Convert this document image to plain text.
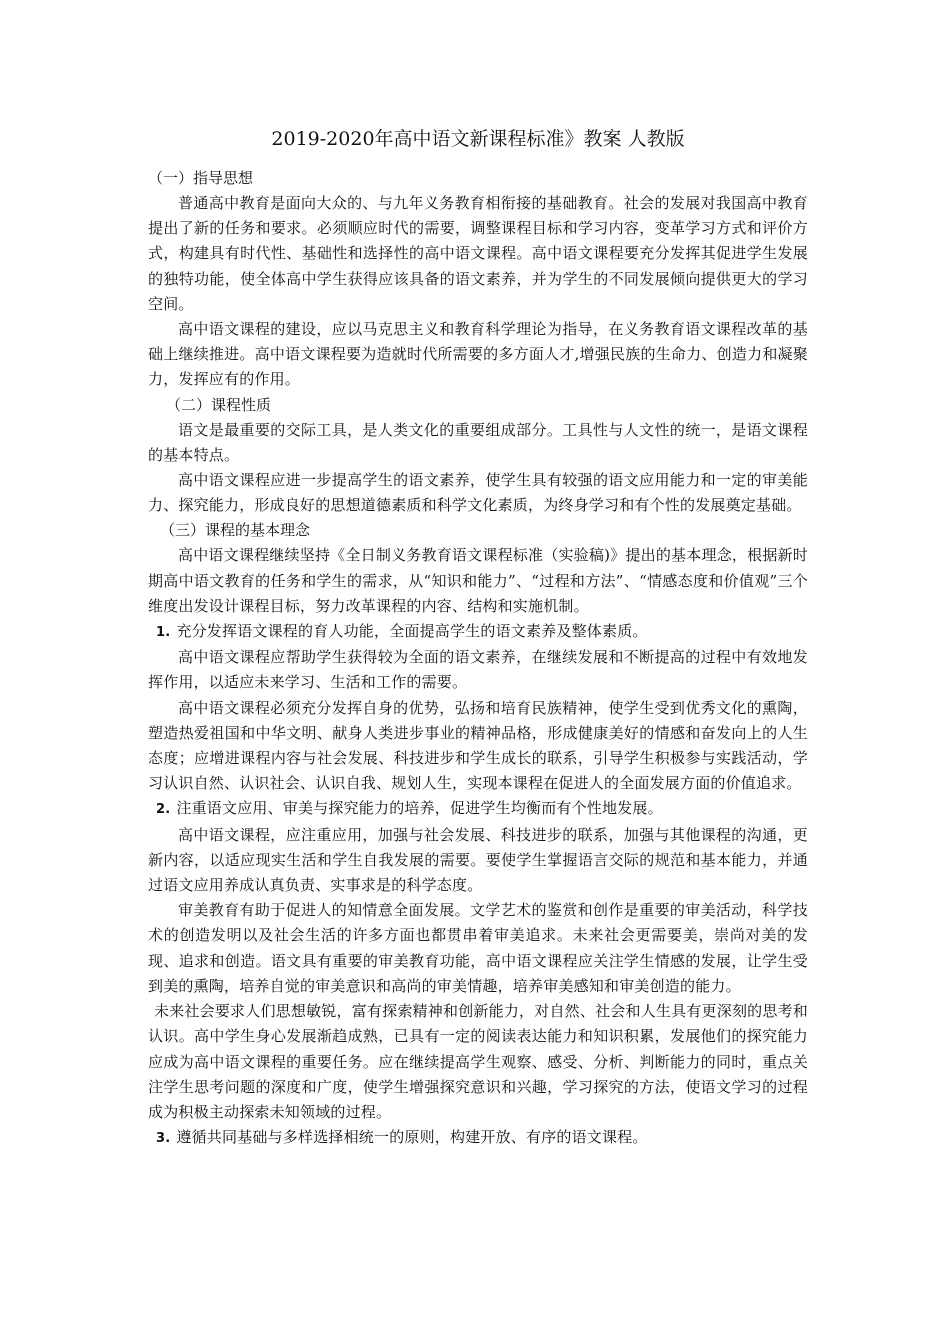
2019-2020年高中语文新课程标准》教案 人教版

（一）指导思想

普通高中教育是面向大众的、与九年义务教育相衔接的基础教育。社会的发展对我国高中教育提出了新的任务和要求。必须顺应时代的需要，调整课程目标和学习内容，变革学习方式和评价方式，构建具有时代性、基础性和选择性的高中语文课程。高中语文课程要充分发挥其促进学生发展的独特功能，使全体高中学生获得应该具备的语文素养，并为学生的不同发展倾向提供更大的学习空间。

高中语文课程的建设，应以马克思主义和教育科学理论为指导，在义务教育语文课程改革的基础上继续推进。高中语文课程要为造就时代所需要的多方面人才,增强民族的生命力、创造力和凝聚力，发挥应有的作用。

（二）课程性质

语文是最重要的交际工具，是人类文化的重要组成部分。工具性与人文性的统一，是语文课程的基本特点。

高中语文课程应进一步提高学生的语文素养，使学生具有较强的语文应用能力和一定的审美能力、探究能力，形成良好的思想道德素质和科学文化素质，为终身学习和有个性的发展奠定基础。

（三）课程的基本理念

高中语文课程继续坚持《全日制义务教育语文课程标准（实验稿)》提出的基本理念，根据新时期高中语文教育的任务和学生的需求，从“知识和能力”、“过程和方法”、“情感态度和价值观”三个维度出发设计课程目标，努力改革课程的内容、结构和实施机制。

1. 充分发挥语文课程的育人功能，全面提高学生的语文素养及整体素质。

高中语文课程应帮助学生获得较为全面的语文素养，在继续发展和不断提高的过程中有效地发挥作用，以适应未来学习、生活和工作的需要。

高中语文课程必须充分发挥自身的优势，弘扬和培育民族精神，使学生受到优秀文化的熏陶，塑造热爱祖国和中华文明、献身人类进步事业的精神品格，形成健康美好的情感和奋发向上的人生态度；应增进课程内容与社会发展、科技进步和学生成长的联系，引导学生积极参与实践活动，学习认识自然、认识社会、认识自我、规划人生，实现本课程在促进人的全面发展方面的价值追求。

2. 注重语文应用、审美与探究能力的培养，促进学生均衡而有个性地发展。

高中语文课程，应注重应用，加强与社会发展、科技进步的联系，加强与其他课程的沟通，更新内容，以适应现实生活和学生自我发展的需要。要使学生掌握语言交际的规范和基本能力，并通过语文应用养成认真负责、实事求是的科学态度。

审美教育有助于促进人的知情意全面发展。文学艺术的鉴赏和创作是重要的审美活动，科学技术的创造发明以及社会生活的许多方面也都贯串着审美追求。未来社会更需要美，崇尚对美的发现、追求和创造。语文具有重要的审美教育功能，高中语文课程应关注学生情感的发展，让学生受到美的熏陶，培养自觉的审美意识和高尚的审美情趣，培养审美感知和审美创造的能力。

未来社会要求人们思想敏锐，富有探索精神和创新能力，对自然、社会和人生具有更深刻的思考和认识。高中学生身心发展渐趋成熟，已具有一定的阅读表达能力和知识积累，发展他们的探究能力应成为高中语文课程的重要任务。应在继续提高学生观察、感受、分析、判断能力的同时，重点关注学生思考问题的深度和广度，使学生增强探究意识和兴趣，学习探究的方法，使语文学习的过程成为积极主动探索未知领域的过程。

3. 遵循共同基础与多样选择相统一的原则，构建开放、有序的语文课程。
